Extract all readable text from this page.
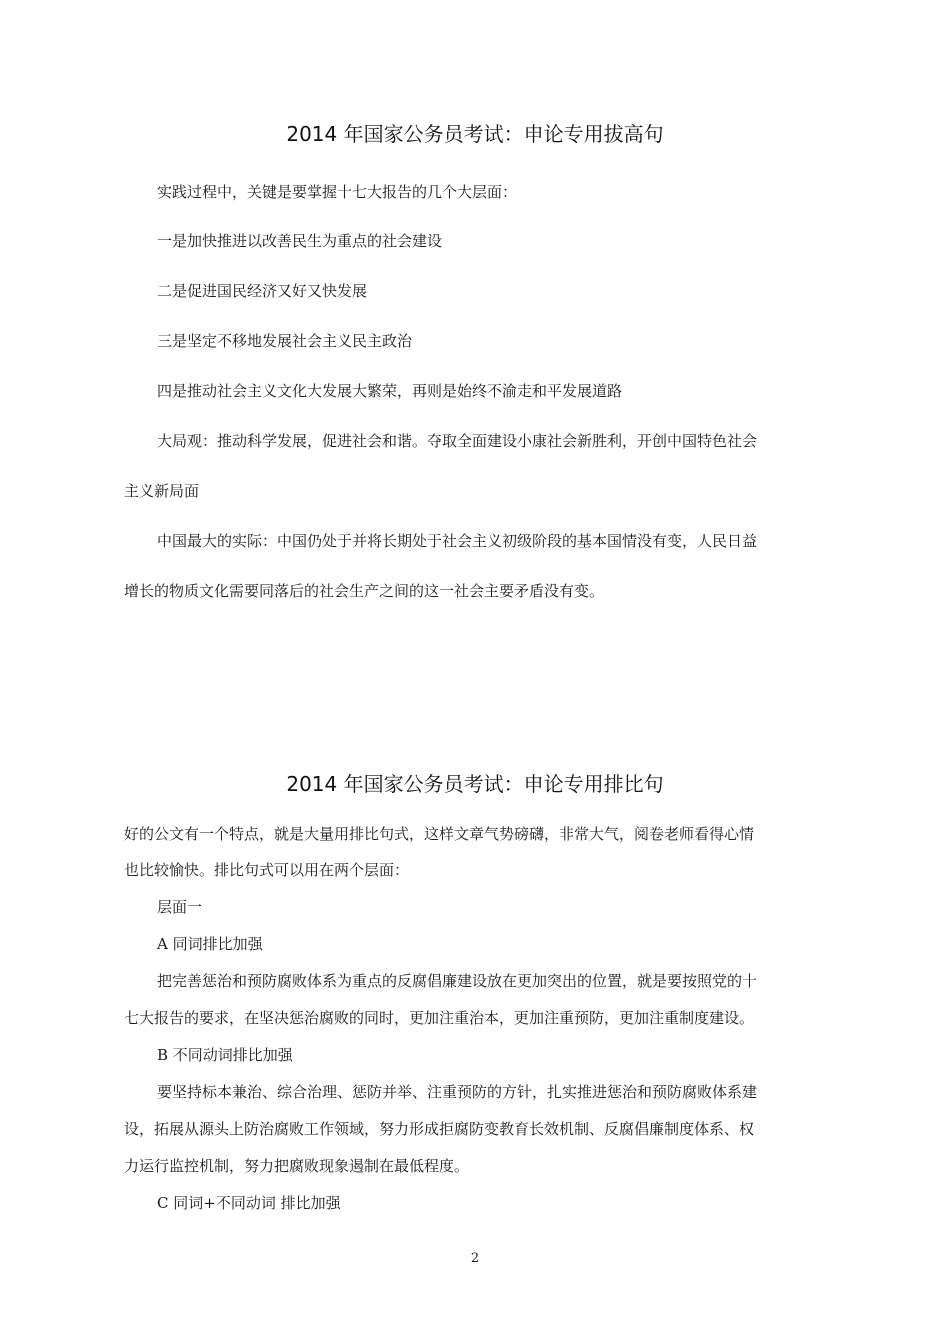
2014 年国家公务员考试：申论专用拔高句

实践过程中，关键是要掌握十七大报告的几个大层面：

一是加快推进以改善民生为重点的社会建设

二是促进国民经济又好又快发展

三是坚定不移地发展社会主义民主政治

四是推动社会主义文化大发展大繁荣，再则是始终不渝走和平发展道路

大局观：推动科学发展，促进社会和谐。夺取全面建设小康社会新胜利，开创中国特色社会

主义新局面

中国最大的实际：中国仍处于并将长期处于社会主义初级阶段的基本国情没有变，人民日益

增长的物质文化需要同落后的社会生产之间的这一社会主要矛盾没有变。

2014 年国家公务员考试：申论专用排比句

好的公文有一个特点，就是大量用排比句式，这样文章气势磅礴，非常大气，阅卷老师看得心情

也比较愉快。排比句式可以用在两个层面：

层面一

A 同词排比加强

把完善惩治和预防腐败体系为重点的反腐倡廉建设放在更加突出的位置，就是要按照党的十

七大报告的要求，在坚决惩治腐败的同时，更加注重治本，更加注重预防，更加注重制度建设。

B 不同动词排比加强

要坚持标本兼治、综合治理、惩防并举、注重预防的方针，扎实推进惩治和预防腐败体系建

设，拓展从源头上防治腐败工作领域，努力形成拒腐防变教育长效机制、反腐倡廉制度体系、权

力运行监控机制，努力把腐败现象遏制在最低程度。

C 同词+不同动词 排比加强

2
